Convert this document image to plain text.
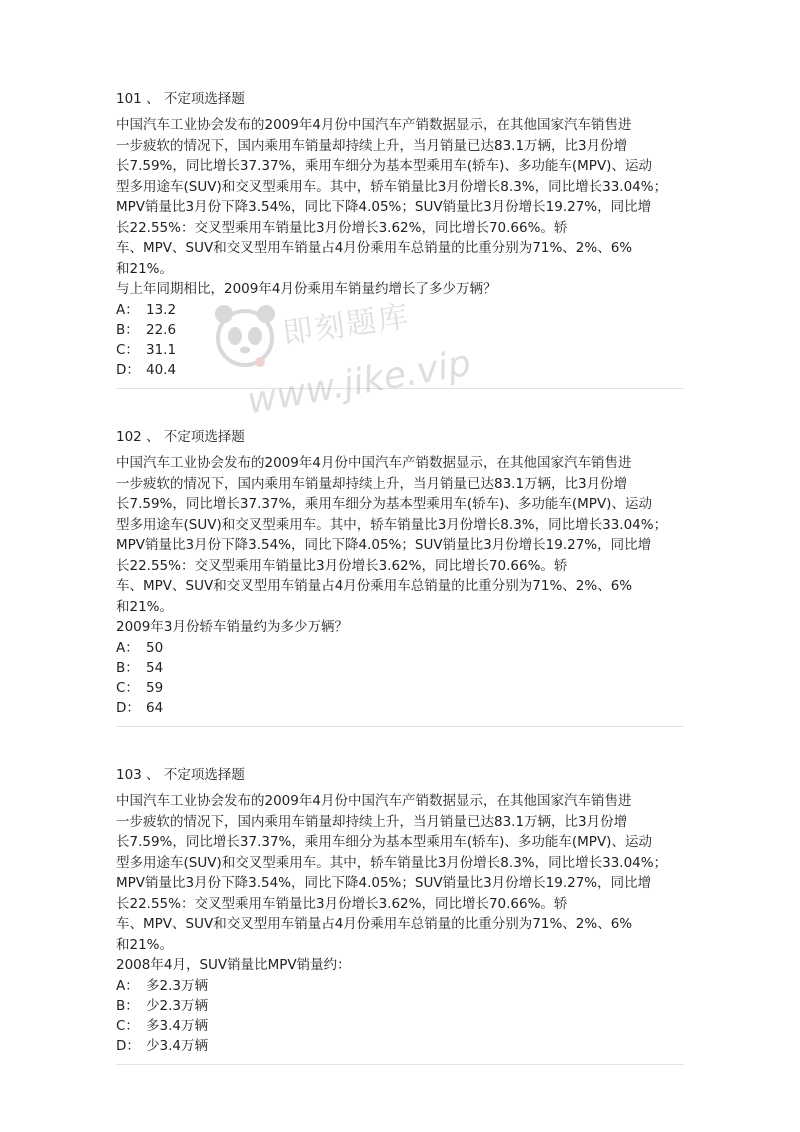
101 、 不定项选择题
中国汽车工业协会发布的2009年4月份中国汽车产销数据显示，在其他国家汽车销售进
一步疲软的情况下，国内乘用车销量却持续上升，当月销量已达83.1万辆，比3月份增
长7.59%，同比增长37.37%，乘用车细分为基本型乘用车(轿车)、多功能车(MPV)、运动
型多用途车(SUV)和交叉型乘用车。其中，轿车销量比3月份增长8.3%，同比增长33.04%；
MPV销量比3月份下降3.54%，同比下降4.05%；SUV销量比3月份增长19.27%，同比增
长22.55%：交叉型乘用车销量比3月份增长3.62%，同比增长70.66%。轿
车、MPV、SUV和交叉型用车销量占4月份乘用车总销量的比重分别为71%、2%、6%
和21%。
与上年同期相比，2009年4月份乘用车销量约增长了多少万辆？
A： 13.2
B： 22.6
C： 31.1
D： 40.4
102 、 不定项选择题
中国汽车工业协会发布的2009年4月份中国汽车产销数据显示，在其他国家汽车销售进
一步疲软的情况下，国内乘用车销量却持续上升，当月销量已达83.1万辆，比3月份增
长7.59%，同比增长37.37%，乘用车细分为基本型乘用车(轿车)、多功能车(MPV)、运动
型多用途车(SUV)和交叉型乘用车。其中，轿车销量比3月份增长8.3%，同比增长33.04%；
MPV销量比3月份下降3.54%，同比下降4.05%；SUV销量比3月份增长19.27%，同比增
长22.55%：交叉型乘用车销量比3月份增长3.62%，同比增长70.66%。轿
车、MPV、SUV和交叉型用车销量占4月份乘用车总销量的比重分别为71%、2%、6%
和21%。
2009年3月份轿车销量约为多少万辆？
A： 50
B： 54
C： 59
D： 64
103 、 不定项选择题
中国汽车工业协会发布的2009年4月份中国汽车产销数据显示，在其他国家汽车销售进
一步疲软的情况下，国内乘用车销量却持续上升，当月销量已达83.1万辆，比3月份增
长7.59%，同比增长37.37%，乘用车细分为基本型乘用车(轿车)、多功能车(MPV)、运动
型多用途车(SUV)和交叉型乘用车。其中，轿车销量比3月份增长8.3%，同比增长33.04%；
MPV销量比3月份下降3.54%，同比下降4.05%；SUV销量比3月份增长19.27%，同比增
长22.55%：交叉型乘用车销量比3月份增长3.62%，同比增长70.66%。轿
车、MPV、SUV和交叉型用车销量占4月份乘用车总销量的比重分别为71%、2%、6%
和21%。
2008年4月，SUV销量比MPV销量约：
A： 多2.3万辆
B： 少2.3万辆
C： 多3.4万辆
D： 少3.4万辆
即刻题库
www.jike.vip
